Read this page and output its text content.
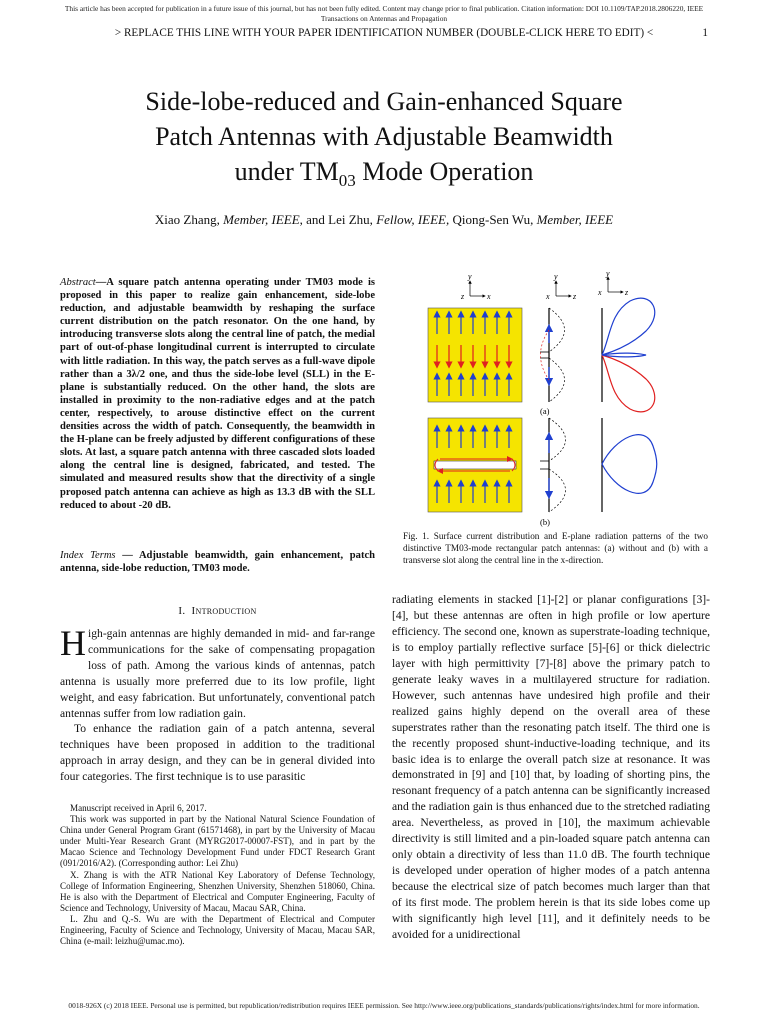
This article has been accepted for publication in a future issue of this journal, but has not been fully edited. Content may change prior to final publication. Citation information: DOI 10.1109/TAP.2018.2806220, IEEE
Transactions on Antennas and Propagation
> REPLACE THIS LINE WITH YOUR PAPER IDENTIFICATION NUMBER (DOUBLE-CLICK HERE TO EDIT) <	1
Side-lobe-reduced and Gain-enhanced Square
Patch Antennas with Adjustable Beamwidth
under $TM_{03}$ Mode Operation
Xiao Zhang, Member, IEEE, and Lei Zhu, Fellow, IEEE, Qiong-Sen Wu, Member, IEEE
Abstract—A square patch antenna operating under TM03 mode is proposed in this paper to realize gain enhancement, side-lobe reduction, and adjustable beamwidth by reshaping the surface current distribution on the patch resonator. On the one hand, by introducing transverse slots along the central line of patch, the medial part of out-of-phase longitudinal current is interrupted to circulate with little radiation. In this way, the patch serves as a full-wave dipole rather than a 3λ/2 one, and thus the side-lobe level (SLL) in the E-plane is substantially reduced. On the other hand, the slots are installed in proximity to the non-radiative edges and at the patch center, respectively, to arouse distinctive effect on the current densities across the width of patch. Consequently, the beamwidth in the H-plane can be freely adjusted by different configurations of these slots. At last, a square patch antenna with three cascaded slots loaded along the central line is designed, fabricated, and tested. The simulated and measured results show that the directivity of a single proposed patch antenna can achieve as high as 13.3 dB with the SLL reduced to about -20 dB.
Index Terms — Adjustable beamwidth, gain enhancement, patch antenna, side-lobe reduction, TM03 mode.
I. Introduction

High-gain antennas are highly demanded in mid- and far-range communications for the sake of compensating propagation loss of path. Among the various kinds of antennas, patch antenna is usually more preferred due to its low profile, light weight, and easy fabrication. But unfortunately, conventional patch antennas suffer from low radiation gain.

To enhance the radiation gain of a patch antenna, several techniques have been proposed in addition to the traditional approach in array design, and they can be in general divided into four categories. The first technique is to use parasitic

Manuscript received in April 6, 2017.

This work was supported in part by the National Natural Science Foundation of China under General Program Grant (61571468), in part by the University of Macau under Multi-Year Research Grant (MYRG2017-00007-FST), and in part by the Macao Science and Technology Development Fund under FDCT Research Grant (091/2016/A2). (Corresponding author: Lei Zhu)

X. Zhang is with the ATR National Key Laboratory of Defense Technology, College of Information Engineering, Shenzhen University, Shenzhen 518060, China. He is also with the Department of Electrical and Computer Engineering, Faculty of Science and Technology, University of Macau, Macau SAR, China.

L. Zhu and Q.-S. Wu are with the Department of Electrical and Computer Engineering, Faculty of Science and Technology, University of Macau, Macau SAR, China (e-mail: leizhu@umac.mo).

y
x
z
y
z
x
y
z
x
(a)
(b)
Fig. 1. Surface current distribution and E-plane radiation patterns of the two distinctive TM03-mode rectangular patch antennas: (a) without and (b) with a transverse slot along the central line in the x-direction.
radiating elements in stacked [1]-[2] or planar configurations [3]-[4], but these antennas are often in high profile or low aperture efficiency. The second one, known as superstrate-loading technique, is to employ partially reflective surface [5]-[6] or thick dielectric layer with high permittivity [7]-[8] above the primary patch to generate leaky waves in a multilayered structure for radiation. However, such antennas have undesired high profile and their realized gains highly depend on the overall area of these superstrates rather than the resonating patch itself. The third one is the recently proposed shunt-inductive-loading technique, and its basic idea is to enlarge the overall patch size at resonance. It was demonstrated in [9] and [10] that, by loading of shorting pins, the resonant frequency of a patch antenna can be significantly increased and the radiation gain is thus enhanced due to the stretched radiating area. Nevertheless, as proved in [10], the maximum achievable directivity is still limited and a pin-loaded square patch antenna can only obtain a directivity of less than 11.0 dB. The fourth technique is developed under operation of higher modes of a patch antenna because the electrical size of patch becomes much larger than that of its first mode. The problem herein is that its side lobes come up with significantly high level [11], and it definitely needs to be avoided for a unidirectional
0018-926X (c) 2018 IEEE. Personal use is permitted, but republication/redistribution requires IEEE permission. See http://www.ieee.org/publications_standards/publications/rights/index.html for more information.
